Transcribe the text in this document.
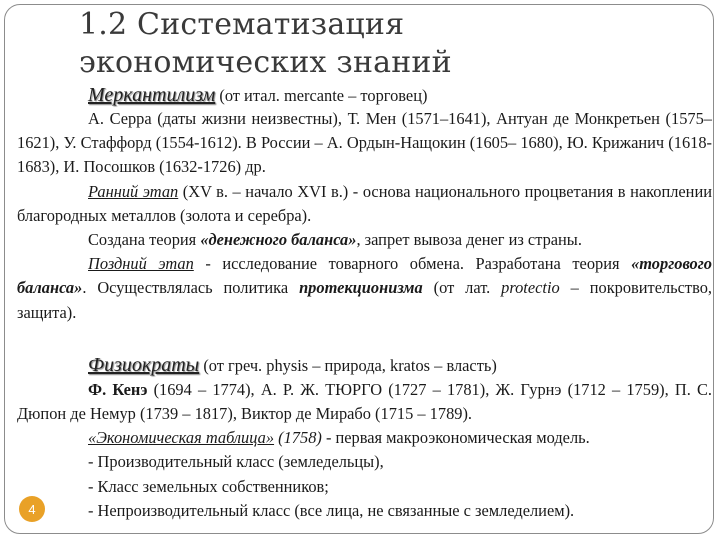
1.2 Систематизация экономических знаний

Меркантилизм (от итал. mercante – торговец)

А. Серра (даты жизни неизвестны), Т. Мен (1571–1641), Антуан де Монкретьен (1575–1621), У. Стаффорд (1554-1612). В России – А. Ордын-Нащокин (1605– 1680), Ю. Крижанич (1618-1683), И. Посошков (1632-1726) др.

Ранний этап (XV в. – начало XVI в.) - основа национального процветания в накоплении благородных металлов (золота и серебра).

Создана теория «денежного баланса», запрет вывоза денег из страны.

Поздний этап - исследование товарного обмена. Разработана теория «торгового баланса». Осуществлялась политика протекционизма (от лат. protectio – покровительство, защита).

Физиократы (от греч. physis – природа, kratos – власть)

Ф. Кенэ (1694 – 1774), А. Р. Ж. ТЮРГО (1727 – 1781), Ж. Гурнэ (1712 – 1759), П. С. Дюпон де Немур (1739 – 1817), Виктор де Мирабо (1715 – 1789).

«Экономическая таблица» (1758) - первая макроэкономическая модель.

- Производительный класс (земледельцы),

- Класс земельных собственников;

- Непроизводительный класс (все лица, не связанные с земледелием).

4
